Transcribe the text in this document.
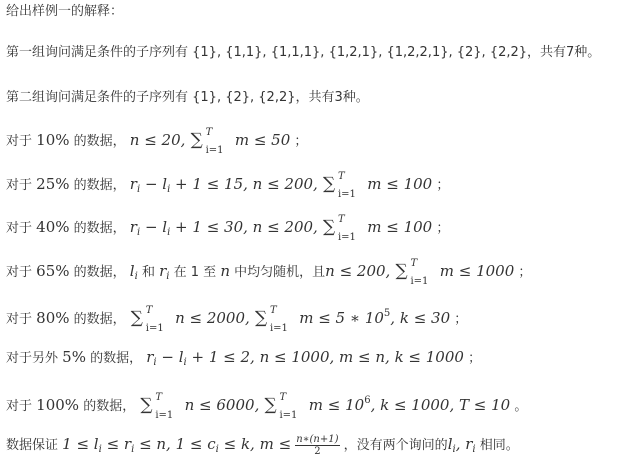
给出样例一的解释：
第一组询问满足条件的子序列有 {1}, {1,1}, {1,1,1}, {1,2,1}, {1,2,2,1}, {2}, {2,2}，共有7种。
第二组询问满足条件的子序列有 {1}, {2}, {2,2}，共有3种。
对于 10% 的数据， n ≤ 20, ∑ T
i=1
m ≤ 50 ；
对于 25% 的数据， $r_i - l_i + 1 \le 15$, n ≤ 200, ∑ T
i=1
m ≤ 100 ；
对于 40% 的数据， $r_i - l_i + 1 \le 30$, n ≤ 200, ∑ T
i=1
m ≤ 100 ；
对于 65% 的数据， $l_i$ 和 $r_i$ 在 1 至 n 中均匀随机，且n ≤ 200, ∑ T
i=1
m ≤ 1000 ；
对于 80% 的数据， ∑ T
i=1
n ≤ 2000, ∑ T
i=1
m ≤ 5 ∗ $10^5$, k ≤ 30 ；
对于另外 5% 的数据， $r_i - l_i + 1 \le 2$, n ≤ 1000, m ≤ n, k ≤ 1000 ；
对于 100% 的数据， ∑ T
i=1
n ≤ 6000, ∑ T
i=1
$m \le 10^6$, k ≤ 1000, T ≤ 10 。
数据保证 $1 \le l_i \le r_i \le n$, $1 \le c_i \le k$, $m \le \frac{n∗(n+1)}{2}$ ，没有两个询问的$l_i$, $r_i$ 相同。
